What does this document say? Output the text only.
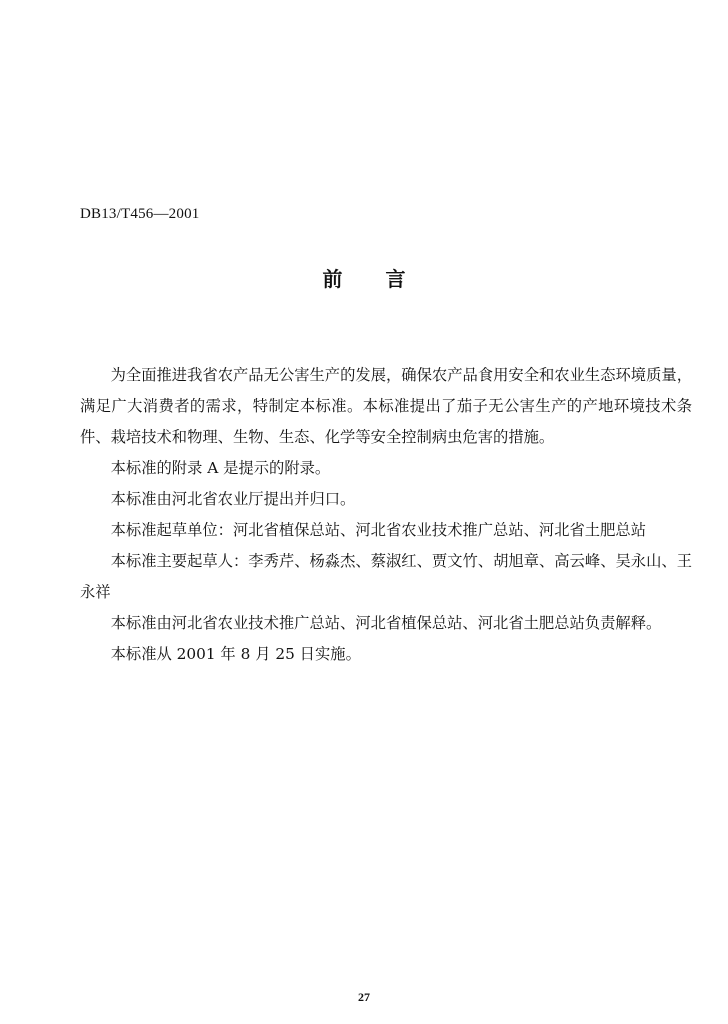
DB13/T456—2001
前 言

为全面推进我省农产品无公害生产的发展，确保农产品食用安全和农业生态环境质量，满足广大消费者的需求，特制定本标准。本标准提出了茄子无公害生产的产地环境技术条件、栽培技术和物理、生物、生态、化学等安全控制病虫危害的措施。

本标准的附录 A 是提示的附录。

本标准由河北省农业厅提出并归口。

本标准起草单位：河北省植保总站、河北省农业技术推广总站、河北省土肥总站

本标准主要起草人：李秀芹、杨淼杰、蔡淑红、贾文竹、胡旭章、高云峰、吴永山、王永祥

本标准由河北省农业技术推广总站、河北省植保总站、河北省土肥总站负责解释。

本标准从 2001 年 8 月 25 日实施。

27
